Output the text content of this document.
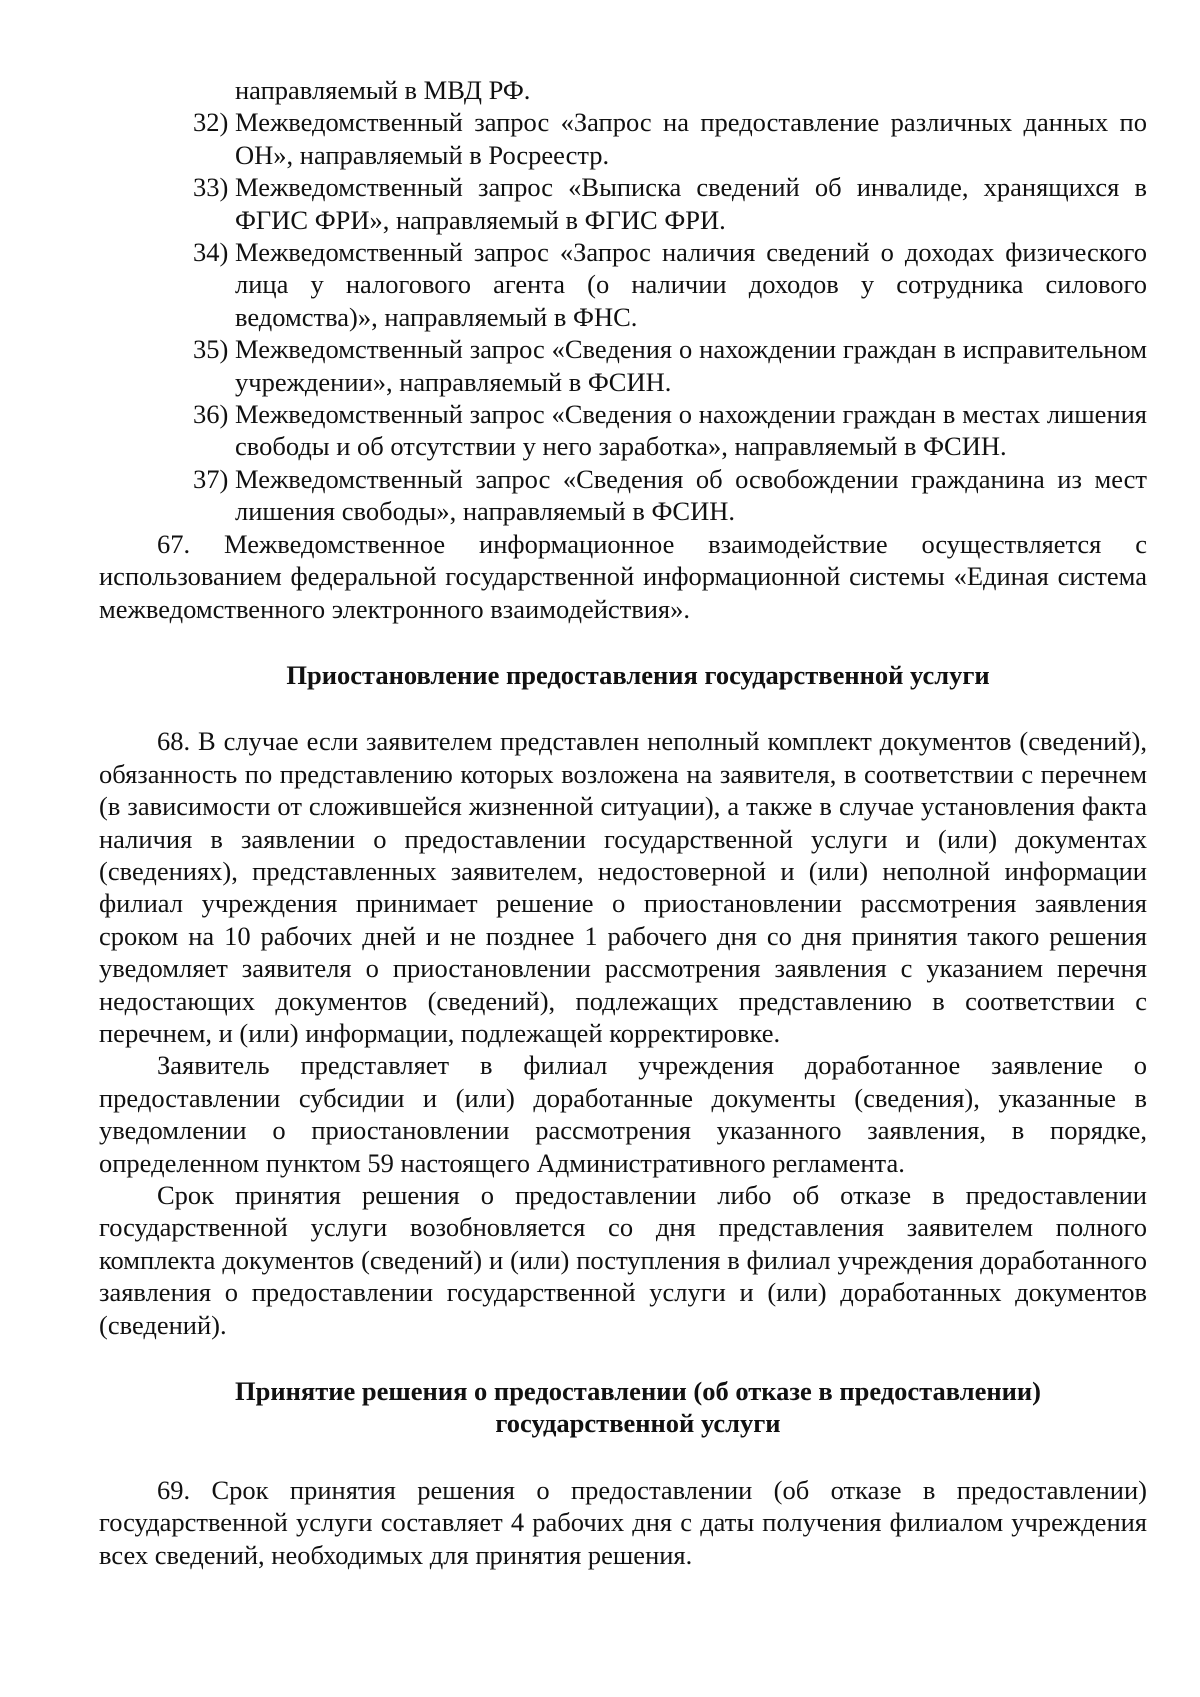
направляемый в МВД РФ.
32) Межведомственный запрос «Запрос на предоставление различных данных по ОН», направляемый в Росреестр.
33) Межведомственный запрос «Выписка сведений об инвалиде, хранящихся в ФГИС ФРИ», направляемый в ФГИС ФРИ.
34) Межведомственный запрос «Запрос наличия сведений о доходах физического лица у налогового агента (о наличии доходов у сотрудника силового ведомства)», направляемый в ФНС.
35) Межведомственный запрос «Сведения о нахождении граждан в исправительном учреждении», направляемый в ФСИН.
36) Межведомственный запрос «Сведения о нахождении граждан в местах лишения свободы и об отсутствии у него заработка», направляемый в ФСИН.
37) Межведомственный запрос «Сведения об освобождении гражданина из мест лишения свободы», направляемый в ФСИН.

67. Межведомственное информационное взаимодействие осуществляется с использованием федеральной государственной информационной системы «Единая система межведомственного электронного взаимодействия».

Приостановление предоставления государственной услуги

68. В случае если заявителем представлен неполный комплект документов (сведений), обязанность по представлению которых возложена на заявителя, в соответствии с перечнем (в зависимости от сложившейся жизненной ситуации), а также в случае установления факта наличия в заявлении о предоставлении государственной услуги и (или) документах (сведениях), представленных заявителем, недостоверной и (или) неполной информации филиал учреждения принимает решение о приостановлении рассмотрения заявления сроком на 10 рабочих дней и не позднее 1 рабочего дня со дня принятия такого решения уведомляет заявителя о приостановлении рассмотрения заявления с указанием перечня недостающих документов (сведений), подлежащих представлению в соответствии с перечнем, и (или) информации, подлежащей корректировке.

Заявитель представляет в филиал учреждения доработанное заявление о предоставлении субсидии и (или) доработанные документы (сведения), указанные в уведомлении о приостановлении рассмотрения указанного заявления, в порядке, определенном пунктом 59 настоящего Административного регламента.

Срок принятия решения о предоставлении либо об отказе в предоставлении государственной услуги возобновляется со дня представления заявителем полного комплекта документов (сведений) и (или) поступления в филиал учреждения доработанного заявления о предоставлении государственной услуги и (или) доработанных документов (сведений).

Принятие решения о предоставлении (об отказе в предоставлении)
государственной услуги

69. Срок принятия решения о предоставлении (об отказе в предоставлении) государственной услуги составляет 4 рабочих дня с даты получения филиалом учреждения всех сведений, необходимых для принятия решения.
